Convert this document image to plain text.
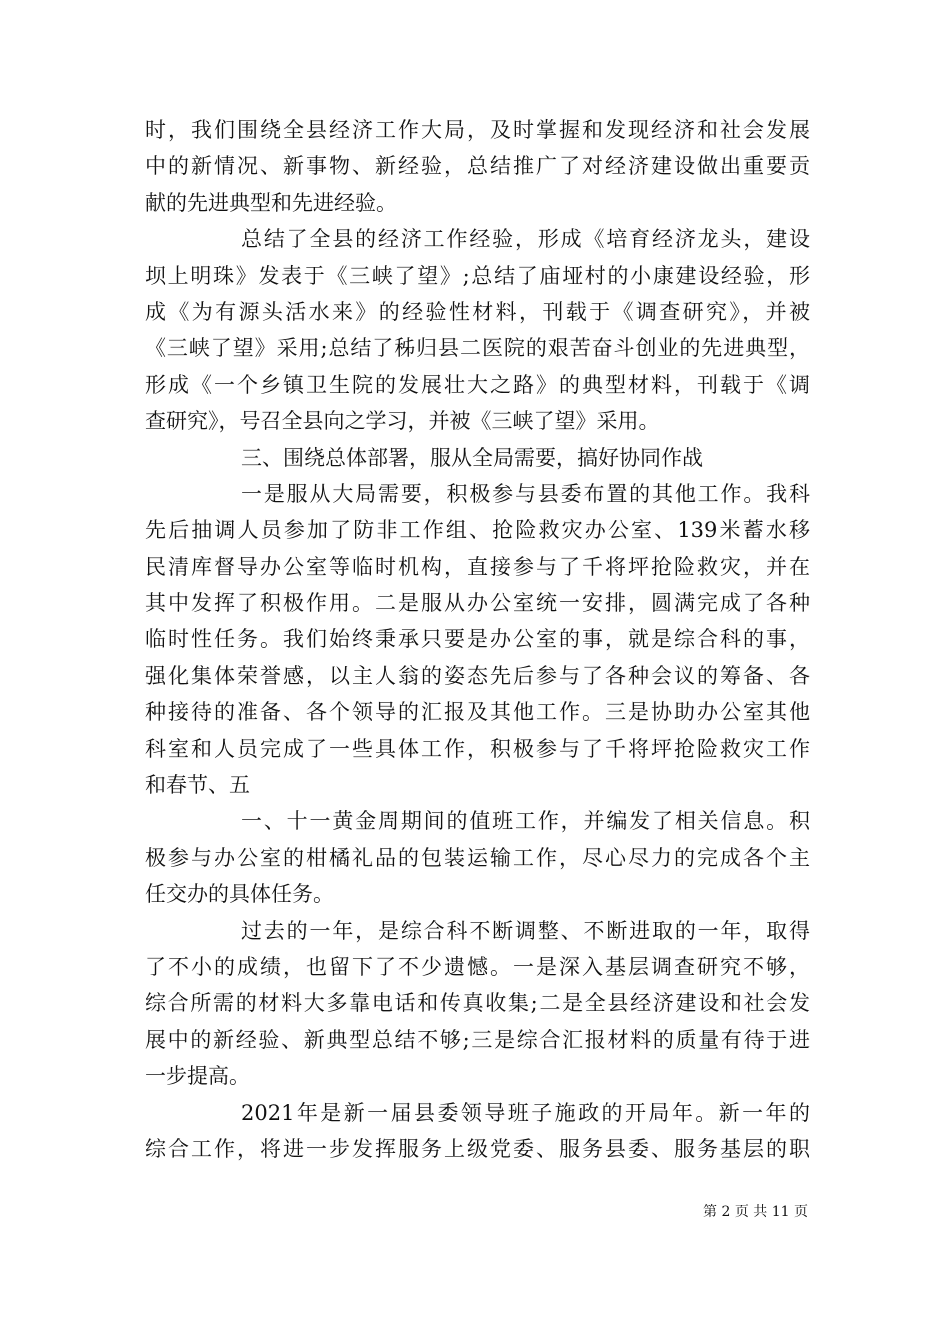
时，我们围绕全县经济工作大局，及时掌握和发现经济和社会发展
中的新情况、新事物、新经验，总结推广了对经济建设做出重要贡
献的先进典型和先进经验。
总结了全县的经济工作经验，形成《培育经济龙头，建设
坝上明珠》发表于《三峡了望》;总结了庙垭村的小康建设经验，形
成《为有源头活水来》的经验性材料，刊载于《调查研究》，并被
《三峡了望》采用;总结了秭归县二医院的艰苦奋斗创业的先进典型，
形成《一个乡镇卫生院的发展壮大之路》的典型材料，刊载于《调
查研究》，号召全县向之学习，并被《三峡了望》采用。
三、围绕总体部署，服从全局需要，搞好协同作战
一是服从大局需要，积极参与县委布置的其他工作。我科
先后抽调人员参加了防非工作组、抢险救灾办公室、139米蓄水移
民清库督导办公室等临时机构，直接参与了千将坪抢险救灾，并在
其中发挥了积极作用。二是服从办公室统一安排，圆满完成了各种
临时性任务。我们始终秉承只要是办公室的事，就是综合科的事，
强化集体荣誉感，以主人翁的姿态先后参与了各种会议的筹备、各
种接待的准备、各个领导的汇报及其他工作。三是协助办公室其他
科室和人员完成了一些具体工作，积极参与了千将坪抢险救灾工作
和春节、五
一、十一黄金周期间的值班工作，并编发了相关信息。积
极参与办公室的柑橘礼品的包装运输工作，尽心尽力的完成各个主
任交办的具体任务。
过去的一年，是综合科不断调整、不断进取的一年，取得
了不小的成绩，也留下了不少遗憾。一是深入基层调查研究不够，
综合所需的材料大多靠电话和传真收集;二是全县经济建设和社会发
展中的新经验、新典型总结不够;三是综合汇报材料的质量有待于进
一步提高。
2021年是新一届县委领导班子施政的开局年。新一年的
综合工作，将进一步发挥服务上级党委、服务县委、服务基层的职
第 2 页 共 11 页
